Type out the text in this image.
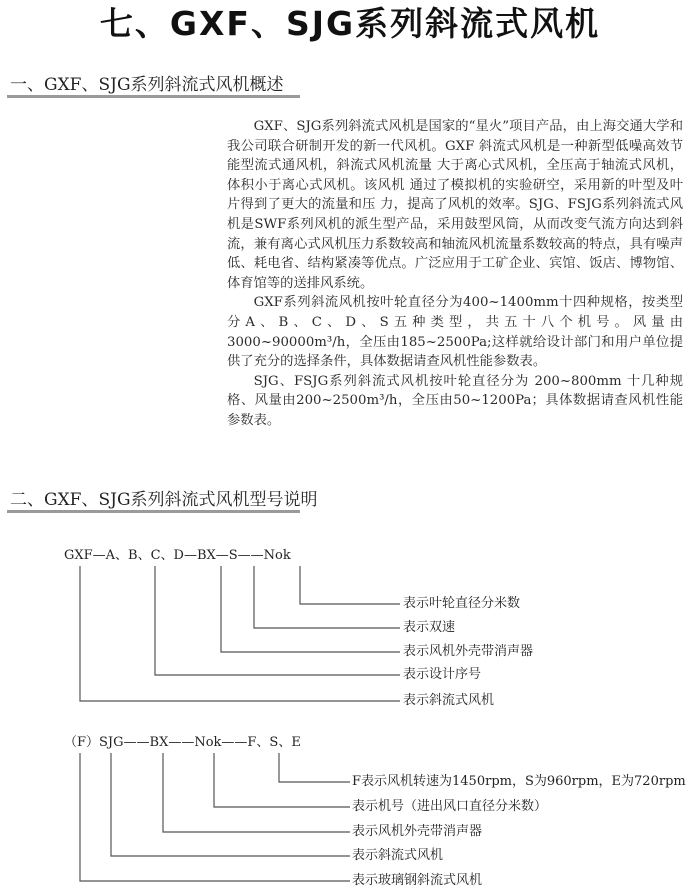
七、GXF、SJG系列斜流式风机
一、GXF、SJG系列斜流式风机概述

GXF、SJG系列斜流式风机是国家的“星火”项目产品，由上海交通大学和我公司联合研制开发的新一代风机。GXF 斜流式风机是一种新型低噪高效节能型流式通风机，斜流式风机流量 大于离心式风机，全压高于轴流式风机，体积小于离心式风机。该风机 通过了模拟机的实验研空，采用新的叶型及叶片得到了更大的流量和压 力，提高了风机的效率。SJG、FSJG系列斜流式风机是SWF系列风机的派生型产品，采用鼓型风筒，从而改变气流方向达到斜流，兼有离心式风机压力系数较高和轴流风机流量系数较高的特点，具有噪声低、耗电省、结构紧凑等优点。广泛应用于工矿企业、宾馆、饭店、博物馆、体育馆等的送排风系统。

GXF系列斜流风机按叶轮直径分为400~1400mm十四种规格，按类型分A、B、C、D、S五种类型，共五十八个机号。风量由3000~90000m³/h，全压由185~2500Pa;这样就给设计部门和用户单位提供了充分的选择条件，具体数据请查风机性能参数表。

SJG、FSJG系列斜流式风机按叶轮直径分为 200~800mm 十几种规格、风量由200~2500m³/h，全压由50~1200Pa；具体数据请查风机性能参数表。

二、GXF、SJG系列斜流式风机型号说明
GXF—A、B、C、D—BX—S——Nok
表示叶轮直径分米数
表示双速
表示风机外壳带消声器
表示设计序号
表示斜流式风机
（F）SJG——BX——Nok——F、S、E
F表示风机转速为1450rpm，S为960rpm，E为720rpm
表示机号（进出风口直径分米数）
表示风机外壳带消声器
表示斜流式风机
表示玻璃钢斜流式风机
